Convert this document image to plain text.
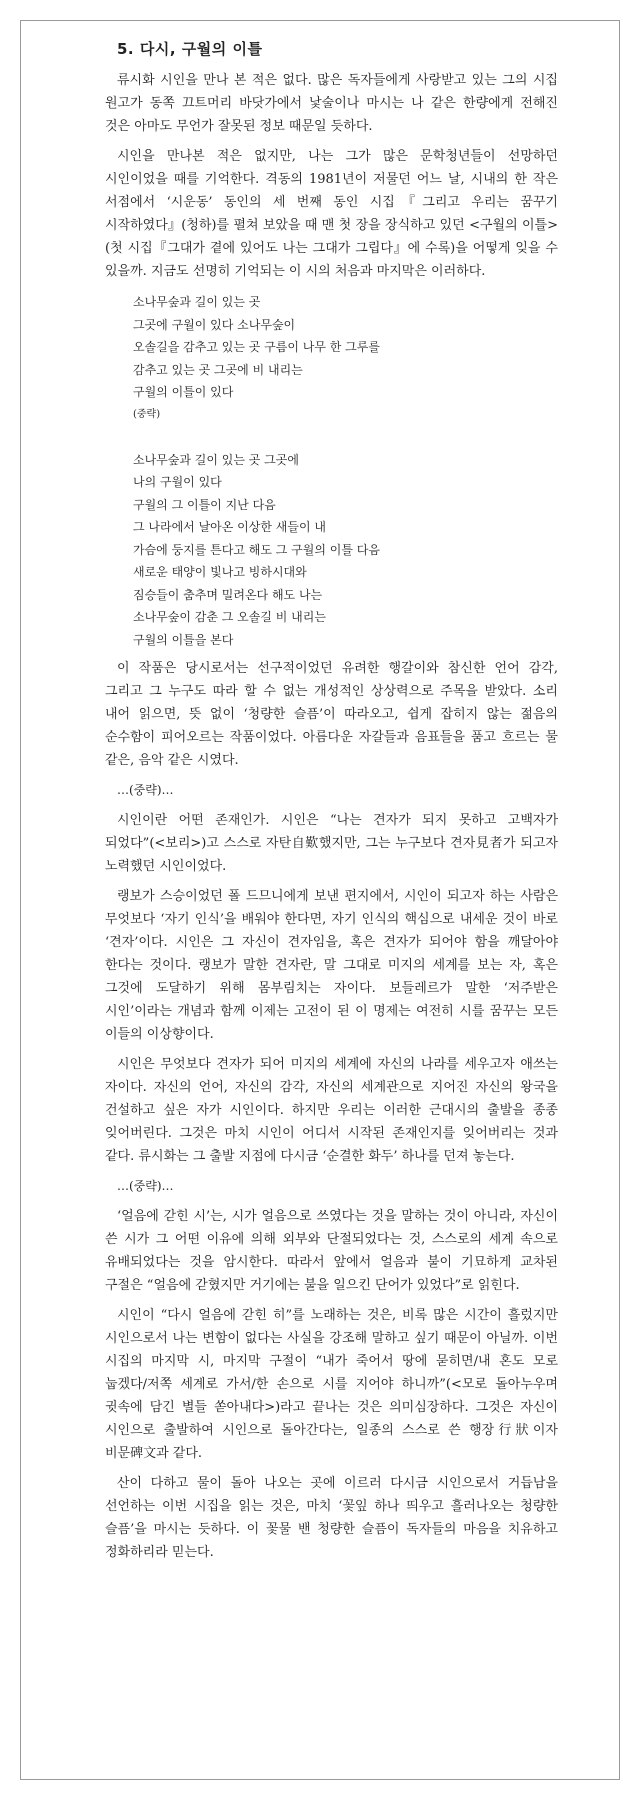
5. 다시, 구월의 이틀

류시화 시인을 만나 본 적은 없다. 많은 독자들에게 사랑받고 있는 그의 시집 원고가 동쪽 끄트머리 바닷가에서 낯술이나 마시는 나 같은 한량에게 전해진 것은 아마도 무언가 잘못된 정보 때문일 듯하다.

시인을 만나본 적은 없지만, 나는 그가 많은 문학청년들이 선망하던 시인이었을 때를 기억한다. 격동의 1981년이 저물던 어느 날, 시내의 한 작은 서점에서 ‘시운동’ 동인의 세 번째 동인 시집『그리고 우리는 꿈꾸기 시작하였다』(청하)를 펼쳐 보았을 때 맨 첫 장을 장식하고 있던 <구월의 이틀>(첫 시집『그대가 곁에 있어도 나는 그대가 그립다』에 수록)을 어떻게 잊을 수 있을까. 지금도 선명히 기억되는 이 시의 처음과 마지막은 이러하다.

소나무숲과 길이 있는 곳
그곳에 구월이 있다 소나무숲이
오솔길을 감추고 있는 곳 구름이 나무 한 그루를
감추고 있는 곳 그곳에 비 내리는
구월의 이틀이 있다
(중략)
소나무숲과 길이 있는 곳 그곳에
나의 구월이 있다
구월의 그 이틀이 지난 다음
그 나라에서 날아온 이상한 새들이 내
가슴에 둥지를 튼다고 해도 그 구월의 이틀 다음
새로운 태양이 빛나고 빙하시대와
짐승들이 춤추며 밀려온다 해도 나는
소나무숲이 감춘 그 오솔길 비 내리는
구월의 이틀을 본다

이 작품은 당시로서는 선구적이었던 유려한 행갈이와 참신한 언어 감각, 그리고 그 누구도 따라 할 수 없는 개성적인 상상력으로 주목을 받았다. 소리 내어 읽으면, 뜻 없이 ‘청량한 슬픔’이 따라오고, 쉽게 잡히지 않는 젊음의 순수함이 피어오르는 작품이었다. 아름다운 자갈들과 음표들을 품고 흐르는 물 같은, 음악 같은 시였다.

…(중략)…

시인이란 어떤 존재인가. 시인은 “나는 견자가 되지 못하고 고백자가 되었다”(<보리>)고 스스로 자탄自歎했지만, 그는 누구보다 견자見者가 되고자 노력했던 시인이었다.

랭보가 스승이었던 폴 드므니에게 보낸 편지에서, 시인이 되고자 하는 사람은 무엇보다 ‘자기 인식’을 배워야 한다면, 자기 인식의 핵심으로 내세운 것이 바로 ‘견자’이다. 시인은 그 자신이 견자임을, 혹은 견자가 되어야 함을 깨달아야 한다는 것이다. 랭보가 말한 견자란, 말 그대로 미지의 세계를 보는 자, 혹은 그것에 도달하기 위해 몸부림치는 자이다. 보들레르가 말한 ‘저주받은 시인’이라는 개념과 함께 이제는 고전이 된 이 명제는 여전히 시를 꿈꾸는 모든 이들의 이상향이다.

시인은 무엇보다 견자가 되어 미지의 세계에 자신의 나라를 세우고자 애쓰는 자이다. 자신의 언어, 자신의 감각, 자신의 세계관으로 지어진 자신의 왕국을 건설하고 싶은 자가 시인이다. 하지만 우리는 이러한 근대시의 출발을 종종 잊어버린다. 그것은 마치 시인이 어디서 시작된 존재인지를 잊어버리는 것과 같다. 류시화는 그 출발 지점에 다시금 ‘순결한 화두’ 하나를 던져 놓는다.

…(중략)…

‘얼음에 갇힌 시’는, 시가 얼음으로 쓰였다는 것을 말하는 것이 아니라, 자신이 쓴 시가 그 어떤 이유에 의해 외부와 단절되었다는 것, 스스로의 세계 속으로 유배되었다는 것을 암시한다. 따라서 앞에서 얼음과 불이 기묘하게 교차된 구절은 “얼음에 갇혔지만 거기에는 불을 일으킨 단어가 있었다”로 읽힌다.

시인이 “다시 얼음에 갇힌 히”를 노래하는 것은, 비록 많은 시간이 흘렀지만 시인으로서 나는 변함이 없다는 사실을 강조해 말하고 싶기 때문이 아닐까. 이번 시집의 마지막 시, 마지막 구절이 “내가 죽어서 땅에 묻히면/내 혼도 모로 눕겠다/저쪽 세계로 가서/한 손으로 시를 지어야 하니까”(<모로 돌아누우며 귓속에 담긴 별들 쏟아내다>)라고 끝나는 것은 의미심장하다. 그것은 자신이 시인으로 출발하여 시인으로 돌아간다는, 일종의 스스로 쓴 행장行狀이자 비문碑文과 같다.

산이 다하고 물이 돌아 나오는 곳에 이르러 다시금 시인으로서 거듭남을 선언하는 이번 시집을 읽는 것은, 마치 ‘꽃잎 하나 띄우고 흘러나오는 청량한 슬픔’을 마시는 듯하다. 이 꽃물 밴 청량한 슬픔이 독자들의 마음을 치유하고 정화하리라 믿는다.
